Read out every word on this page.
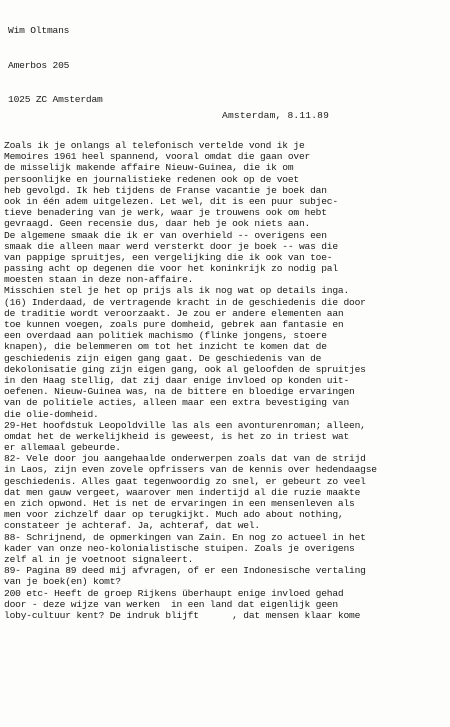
Wim Oltmans

Amerbos 205

1025 ZC Amsterdam

Amsterdam, 8.11.89
Zoals ik je onlangs al telefonisch vertelde vond ik je
Memoires 1961 heel spannend, vooral omdat die gaan over
de misselijk makende affaire Nieuw-Guinea, die ik om
persoonlijke en journalistieke redenen ook op de voet
heb gevolgd. Ik heb tijdens de Franse vacantie je boek dan
ook in één adem uitgelezen. Let wel, dit is een puur subjec-
tieve benadering van je werk, waar je trouwens ook om hebt
gevraagd. Geen recensie dus, daar heb je ook niets aan.
De algemene smaak die ik er van overhield -- overigens een
smaak die alleen maar werd versterkt door je boek -- was die
van pappige spruitjes, een vergelijking die ik ook van toe-
passing acht op degenen die voor het koninkrijk zo nodig pal
moesten staan in deze non-affaire.
Misschien stel je het op prijs als ik nog wat op details inga.
(16) Inderdaad, de vertragende kracht in de geschiedenis die door
de traditie wordt veroorzaakt. Je zou er andere elementen aan
toe kunnen voegen, zoals pure domheid, gebrek aan fantasie en
een overdaad aan politiek machismo (flinke jongens, stoere
knapen), die belemmeren om tot het inzicht te komen dat de
geschiedenis zijn eigen gang gaat. De geschiedenis van de
dekolonisatie ging zijn eigen gang, ook al geloofden de spruitjes
in den Haag stellig, dat zij daar enige invloed op konden uit-
oefenen. Nieuw-Guinea was, na de bittere en bloedige ervaringen
van de politiele acties, alleen maar een extra bevestiging van
die olie-domheid.
29-Het hoofdstuk Leopoldville las als een avonturenroman; alleen,
omdat het de werkelijkheid is geweest, is het zo in triest wat
er allemaal gebeurde.
82- Vele door jou aangehaalde onderwerpen zoals dat van de strijd
in Laos, zijn even zovele opfrissers van de kennis over hedendaagse
geschiedenis. Alles gaat tegenwoordig zo snel, er gebeurt zo veel
dat men gauw vergeet, waarover men indertijd al die ruzie maakte
en zich opwond. Het is net de ervaringen in een mensenleven als
men voor zichzelf daar op terugkijkt. Much ado about nothing,
constateer je achteraf. Ja, achteraf, dat wel.
88- Schrijnend, de opmerkingen van Zain. En nog zo actueel in het
kader van onze neo-kolonialistische stuipen. Zoals je overigens
zelf al in je voetnoot signaleert.
89- Pagina 89 deed mij afvragen, of er een Indonesische vertaling
van je boek(en) komt?
200 etc- Heeft de groep Rijkens überhaupt enige invloed gehad
door - deze wijze van werken  in een land dat eigenlijk geen
loby-cultuur kent? De indruk blijft      , dat mensen klaar kome
